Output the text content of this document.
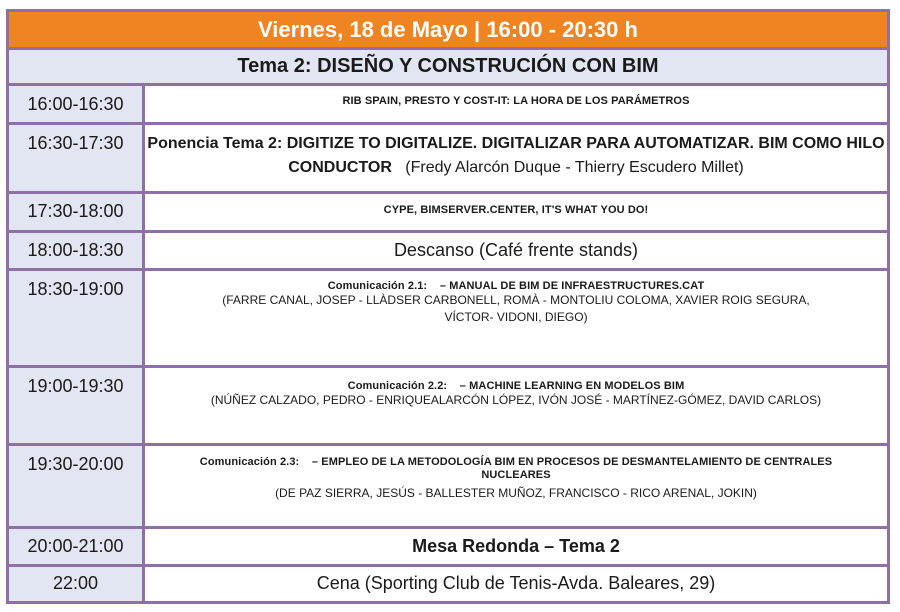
Viernes, 18 de Mayo | 16:00 - 20:30 h	
Tema 2: DISEÑO Y CONSTRUCIÓN CON BIM	
16:00-16:30	RIB SPAIN, PRESTO Y COST-IT: LA HORA DE LOS PARÁMETROS
16:30-17:30	Ponencia Tema 2: DIGITIZE TO DIGITALIZE. DIGITALIZAR PARA AUTOMATIZAR. BIM COMO HILO CONDUCTOR (Fredy Alarcón Duque - Thierry Escudero Millet)
17:30-18:00	CYPE, BIMSERVER.CENTER, IT'S WHAT YOU DO!
18:00-18:30	Descanso (Café frente stands)
18:30-19:00	Comunicación 2.1: – MANUAL DE BIM DE INFRAESTRUCTURES.CAT
(FARRE CANAL, JOSEP - LLÀDSER CARBONELL, ROMÀ - MONTOLIU COLOMA, XAVIER ROIG SEGURA, VÍCTOR- VIDONI, DIEGO)

19:00-19:30	Comunicación 2.2: – MACHINE LEARNING EN MODELOS BIM
(NÚÑEZ CALZADO, PEDRO - ENRIQUEALARCÓN LÓPEZ, IVÓN JOSÉ - MARTÍNEZ-GÓMEZ, DAVID CARLOS)

19:30-20:00	Comunicación 2.3: – EMPLEO DE LA METODOLOGÍA BIM EN PROCESOS DE DESMANTELAMIENTO DE CENTRALES NUCLEARES
(DE PAZ SIERRA, JESÚS - BALLESTER MUÑOZ, FRANCISCO - RICO ARENAL, JOKIN)

20:00-21:00	Mesa Redonda – Tema 2
22:00	Cena (Sporting Club de Tenis-Avda. Baleares, 29)
